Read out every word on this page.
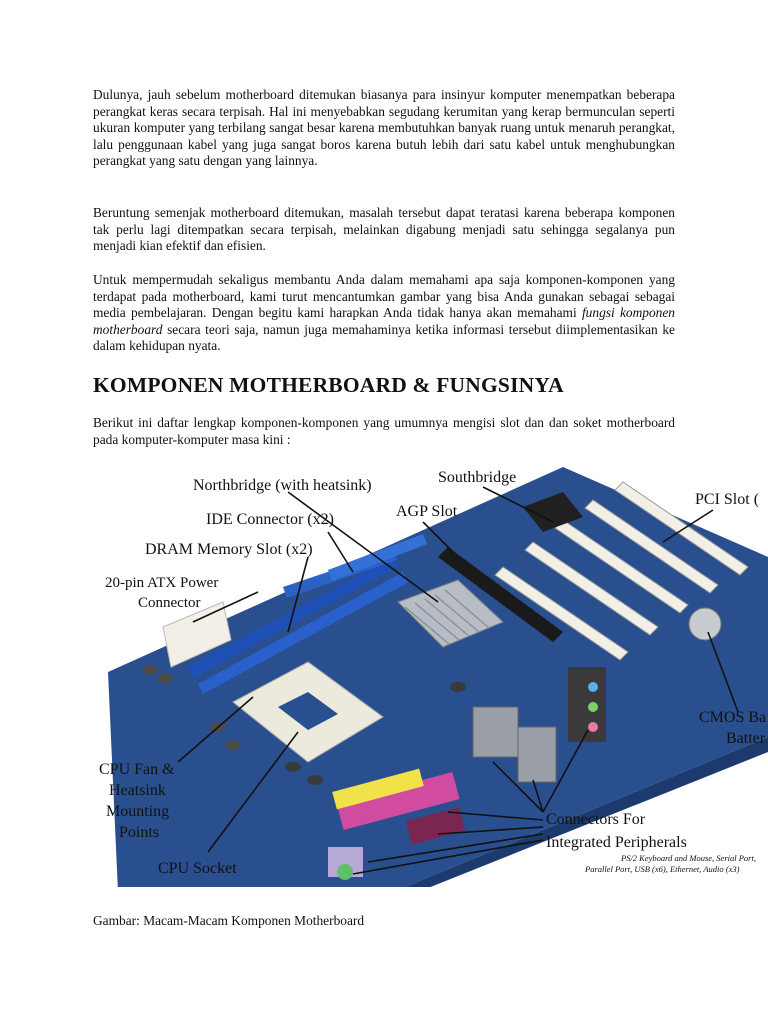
Dulunya, jauh sebelum motherboard ditemukan biasanya para insinyur komputer menempatkan beberapa perangkat keras secara terpisah. Hal ini menyebabkan segudang kerumitan yang kerap bermunculan seperti ukuran komputer yang terbilang sangat besar karena membutuhkan banyak ruang untuk menaruh perangkat, lalu penggunaan kabel yang juga sangat boros karena butuh lebih dari satu kabel untuk menghubungkan perangkat yang satu dengan yang lainnya.

Beruntung semenjak motherboard ditemukan, masalah tersebut dapat teratasi karena beberapa komponen tak perlu lagi ditempatkan secara terpisah, melainkan digabung menjadi satu sehingga segalanya pun menjadi kian efektif dan efisien.

Untuk mempermudah sekaligus membantu Anda dalam memahami apa saja komponen-komponen yang terdapat pada motherboard, kami turut mencantumkan gambar yang bisa Anda gunakan sebagai sebagai media pembelajaran. Dengan begitu kami harapkan Anda tidak hanya akan memahami fungsi komponen motherboard secara teori saja, namun juga memahaminya ketika informasi tersebut diimplementasikan ke dalam kehidupan nyata.

KOMPONEN MOTHERBOARD & FUNGSINYA

Berikut ini daftar lengkap komponen-komponen yang umumnya mengisi slot dan dan soket motherboard pada komputer-komputer masa kini :

Northbridge (with heatsink)	Southbridge
PCI Slot (
IDE Connector (x2)	AGP Slot
DRAM Memory Slot (x2)
20-pin ATX Power
Connector
CMOS Ba
Batter
CPU Fan &
Heatsink
Mounting
Points
CPU Socket
Connectors For
Integrated Peripherals
PS/2 Keyboard and Mouse, Serial Port,
Parallel Port, USB (x6), Ethernet, Audio (x3)

Gambar: Macam-Macam Komponen Motherboard
